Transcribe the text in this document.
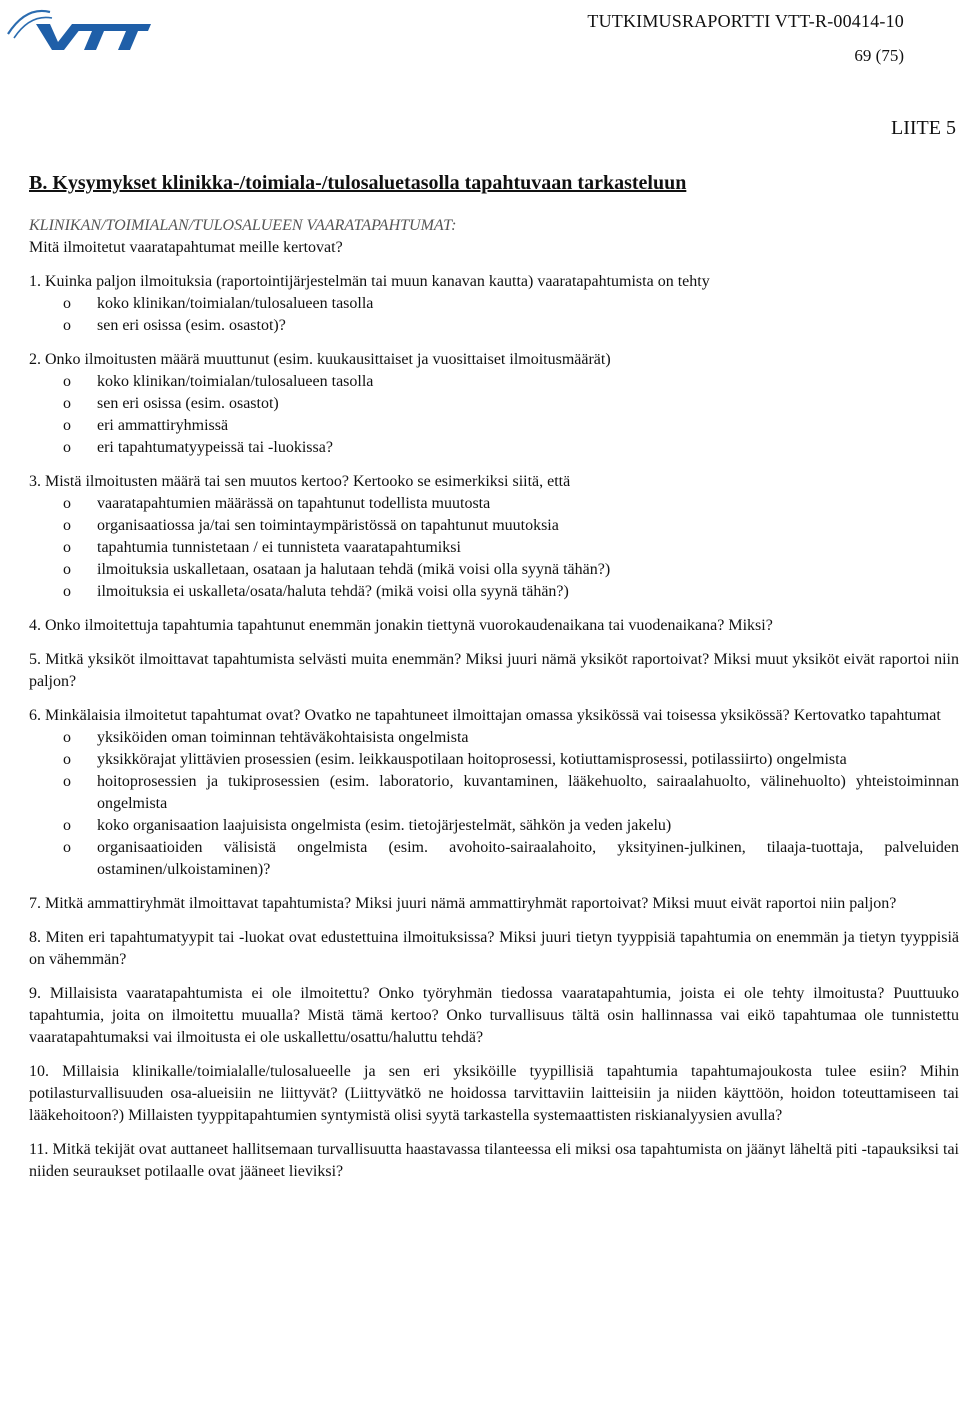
TUTKIMUSRAPORTTI VTT-R-00414-10
69 (75)
LIITE 5
B. Kysymykset klinikka-/toimiala-/tulosaluetasolla tapahtuvaan tarkasteluun

KLINIKAN/TOIMIALAN/TULOSALUEEN VAARATAPAHTUMAT:

Mitä ilmoitetut vaaratapahtumat meille kertovat?

1. Kuinka paljon ilmoituksia (raportointijärjestelmän tai muun kanavan kautta) vaaratapahtumista on tehty

o koko klinikan/toimialan/tulosalueen tasolla
o sen eri osissa (esim. osastot)?

2. Onko ilmoitusten määrä muuttunut (esim. kuukausittaiset ja vuosittaiset ilmoitusmäärät)

o koko klinikan/toimialan/tulosalueen tasolla
o sen eri osissa (esim. osastot)
o eri ammattiryhmissä
o eri tapahtumatyypeissä tai -luokissa?

3. Mistä ilmoitusten määrä tai sen muutos kertoo? Kertooko se esimerkiksi siitä, että

o vaaratapahtumien määrässä on tapahtunut todellista muutosta
o organisaatiossa ja/tai sen toimintaympäristössä on tapahtunut muutoksia
o tapahtumia tunnistetaan / ei tunnisteta vaaratapahtumiksi
o ilmoituksia uskalletaan, osataan ja halutaan tehdä (mikä voisi olla syynä tähän?)
o ilmoituksia ei uskalleta/osata/haluta tehdä? (mikä voisi olla syynä tähän?)

4. Onko ilmoitettuja tapahtumia tapahtunut enemmän jonakin tiettynä vuorokaudenaikana tai vuodenaikana? Miksi?

5. Mitkä yksiköt ilmoittavat tapahtumista selvästi muita enemmän? Miksi juuri nämä yksiköt raportoivat? Miksi muut yksiköt eivät raportoi niin paljon?

6. Minkälaisia ilmoitetut tapahtumat ovat? Ovatko ne tapahtuneet ilmoittajan omassa yksikössä vai toisessa yksikössä? Kertovatko tapahtumat

o yksiköiden oman toiminnan tehtäväkohtaisista ongelmista
o yksikkörajat ylittävien prosessien (esim. leikkauspotilaan hoitoprosessi, kotiuttamisprosessi, potilassiirto) ongelmista
o hoitoprosessien ja tukiprosessien (esim. laboratorio, kuvantaminen, lääkehuolto, sairaalahuolto, välinehuolto) yhteistoiminnan ongelmista
o koko organisaation laajuisista ongelmista (esim. tietojärjestelmät, sähkön ja veden jakelu)
o organisaatioiden välisistä ongelmista (esim. avohoito-sairaalahoito, yksityinen-julkinen, tilaaja-tuottaja, palveluiden ostaminen/ulkoistaminen)?

7. Mitkä ammattiryhmät ilmoittavat tapahtumista? Miksi juuri nämä ammattiryhmät raportoivat? Miksi muut eivät raportoi niin paljon?

8. Miten eri tapahtumatyypit tai -luokat ovat edustettuina ilmoituksissa? Miksi juuri tietyn tyyppisiä tapahtumia on enemmän ja tietyn tyyppisiä on vähemmän?

9. Millaisista vaaratapahtumista ei ole ilmoitettu? Onko työryhmän tiedossa vaaratapahtumia, joista ei ole tehty ilmoitusta? Puuttuuko tapahtumia, joita on ilmoitettu muualla? Mistä tämä kertoo? Onko turvallisuus tältä osin hallinnassa vai eikö tapahtumaa ole tunnistettu vaaratapahtumaksi vai ilmoitusta ei ole uskallettu/osattu/haluttu tehdä?

10. Millaisia klinikalle/toimialalle/tulosalueelle ja sen eri yksiköille tyypillisiä tapahtumia tapahtumajoukosta tulee esiin? Mihin potilasturvallisuuden osa-alueisiin ne liittyvät? (Liittyvätkö ne hoidossa tarvittaviin laitteisiin ja niiden käyttöön, hoidon toteuttamiseen tai lääkehoitoon?) Millaisten tyyppitapahtumien syntymistä olisi syytä tarkastella systemaattisten riskianalyysien avulla?

11. Mitkä tekijät ovat auttaneet hallitsemaan turvallisuutta haastavassa tilanteessa eli miksi osa tapahtumista on jäänyt läheltä piti -tapauksiksi tai niiden seuraukset potilaalle ovat jääneet lieviksi?
